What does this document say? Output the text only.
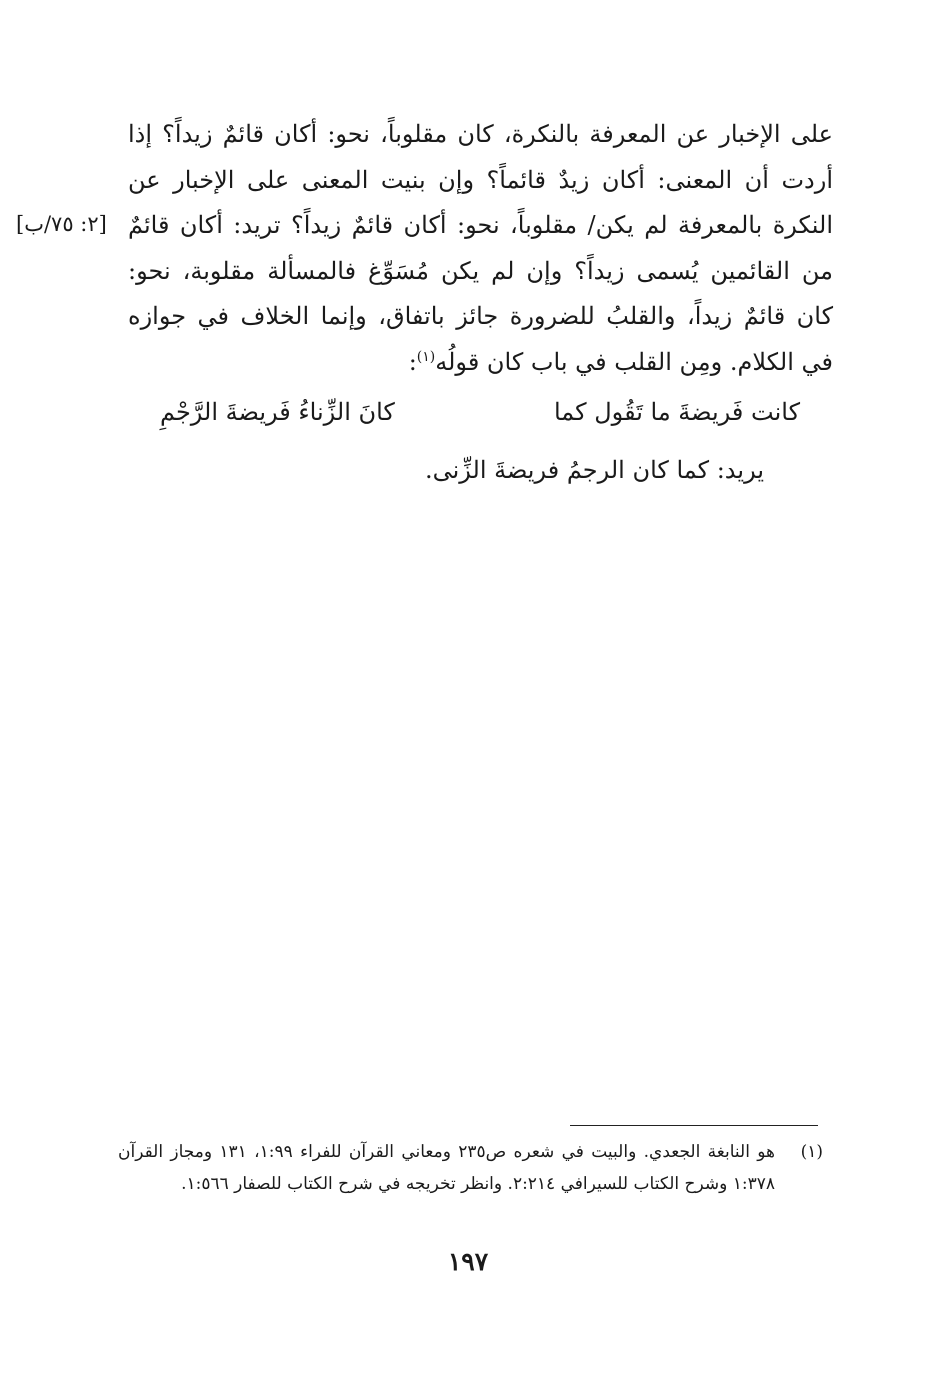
على الإخبار عن المعرفة بالنكرة، كان مقلوباً، نحو: أكان قائمٌ زيداً؟ إذا أردت أن المعنى: أكان زيدٌ قائماً؟ وإن بنيت المعنى على الإخبار عن النكرة بالمعرفة لم يكن/ مقلوباً، نحو: أكان قائمٌ زيداً؟ تريد: أكان قائمٌ من القائمين يُسمى زيداً؟ وإن لم يكن مُسَوِّغ فالمسألة مقلوبة، نحو: كان قائمٌ زيداً، والقلبُ للضرورة جائز باتفاق، وإنما الخلاف في جوازه في الكلام. ومِن القلب في باب كان قولُه$^{(١)}$:

[٢: ٧٥/ب]
كانت فَريضةَ ما تَقُول كما
كانَ الزِّناءُ فَريضةَ الرَّجْمِ
يريد: كما كان الرجمُ فريضةَ الزِّنى.
(١)
هو النابغة الجعدي. والبيت في شعره ص٢٣٥ ومعاني القرآن للفراء ١:٩٩، ١٣١ ومجاز القرآن ١:٣٧٨ وشرح الكتاب للسيرافي ٢:٢١٤. وانظر تخريجه في شرح الكتاب للصفار ١:٥٦٦.
١٩٧
